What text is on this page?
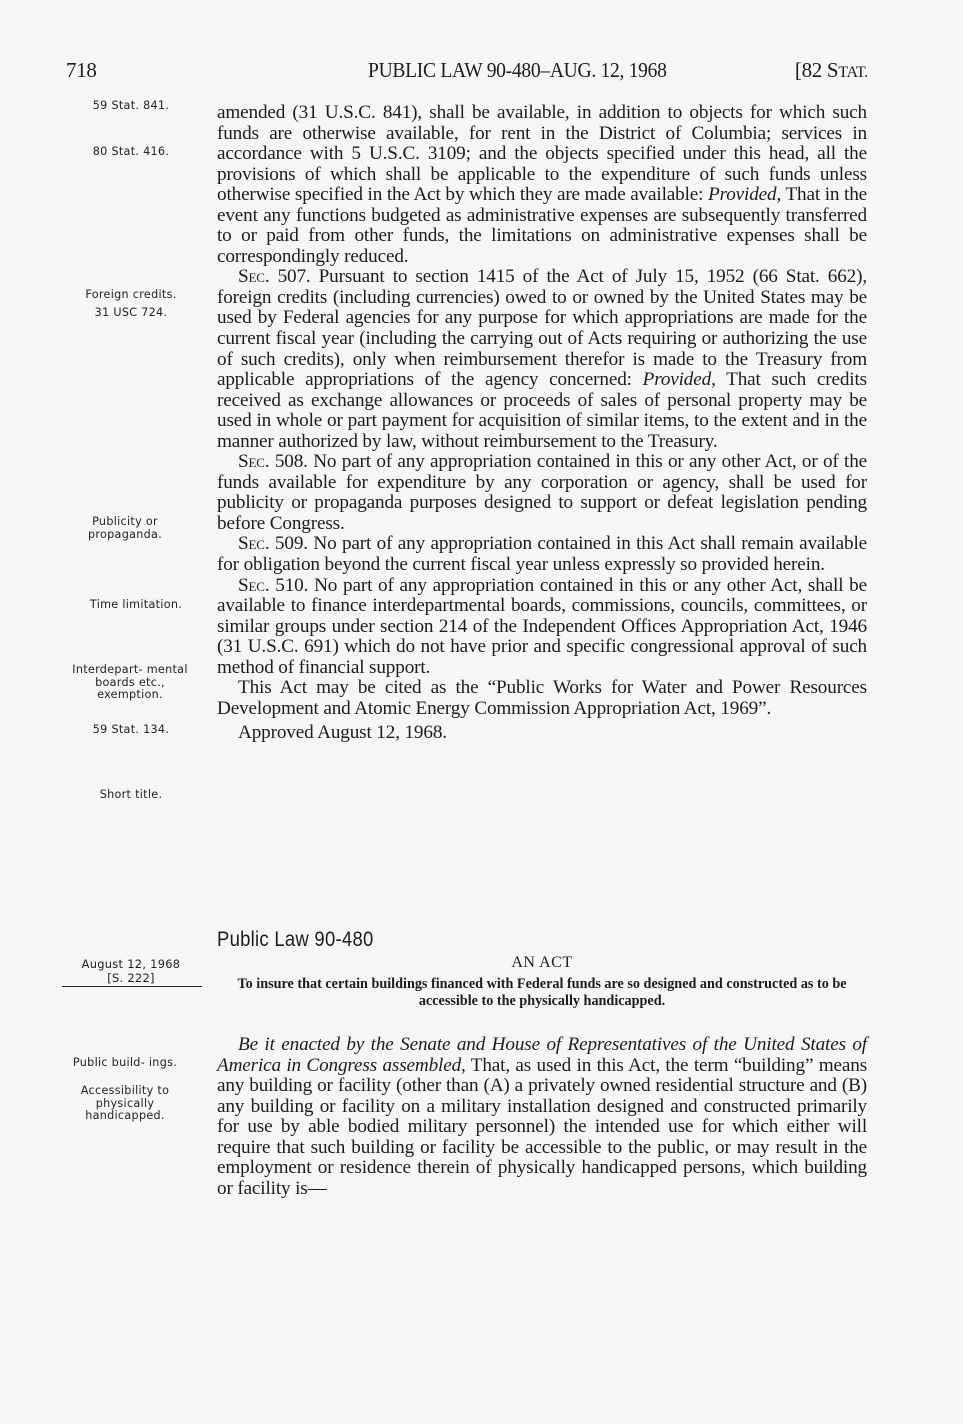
718	PUBLIC LAW 90-480–AUG. 12, 1968	[82 STAT.
59 Stat. 841.
80 Stat. 416.
Foreign credits.
31 USC 724.
Publicity or propaganda.
Time limitation.
Interdepart- mental boards etc., exemption.
59 Stat. 134.
Short title.
Public build- ings.
Accessibility to physically handicapped.

amended (31 U.S.C. 841), shall be available, in addition to objects for which such funds are otherwise available, for rent in the District of Columbia; services in accordance with 5 U.S.C. 3109; and the objects specified under this head, all the provisions of which shall be applicable to the expenditure of such funds unless otherwise specified in the Act by which they are made available: Provided, That in the event any functions budgeted as administrative expenses are subsequently transferred to or paid from other funds, the limitations on administrative expenses shall be correspondingly reduced.

Sec. 507. Pursuant to section 1415 of the Act of July 15, 1952 (66 Stat. 662), foreign credits (including currencies) owed to or owned by the United States may be used by Federal agencies for any purpose for which appropriations are made for the current fiscal year (including the carrying out of Acts requiring or authorizing the use of such credits), only when reimbursement therefor is made to the Treasury from applicable appropriations of the agency concerned: Provided, That such credits received as exchange allowances or proceeds of sales of personal property may be used in whole or part payment for acquisition of similar items, to the extent and in the manner authorized by law, without reimbursement to the Treasury.

Sec. 508. No part of any appropriation contained in this or any other Act, or of the funds available for expenditure by any corporation or agency, shall be used for publicity or propaganda purposes designed to support or defeat legislation pending before Congress.

Sec. 509. No part of any appropriation contained in this Act shall remain available for obligation beyond the current fiscal year unless expressly so provided herein.

Sec. 510. No part of any appropriation contained in this or any other Act, shall be available to finance interdepartmental boards, commissions, councils, committees, or similar groups under section 214 of the Independent Offices Appropriation Act, 1946 (31 U.S.C. 691) which do not have prior and specific congressional approval of such method of financial support.

This Act may be cited as the “Public Works for Water and Power Resources Development and Atomic Energy Commission Appropriation Act, 1969”.

Approved August 12, 1968.

Public Law 90-480
August 12, 1968
[S. 222]
AN ACT
To insure that certain buildings financed with Federal funds are so designed and constructed as to be accessible to the physically handicapped.

Be it enacted by the Senate and House of Representatives of the United States of America in Congress assembled, That, as used in this Act, the term “building” means any building or facility (other than (A) a privately owned residential structure and (B) any building or facility on a military installation designed and constructed primarily for use by able bodied military personnel) the intended use for which either will require that such building or facility be accessible to the public, or may result in the employment or residence therein of physically handicapped persons, which building or facility is—
